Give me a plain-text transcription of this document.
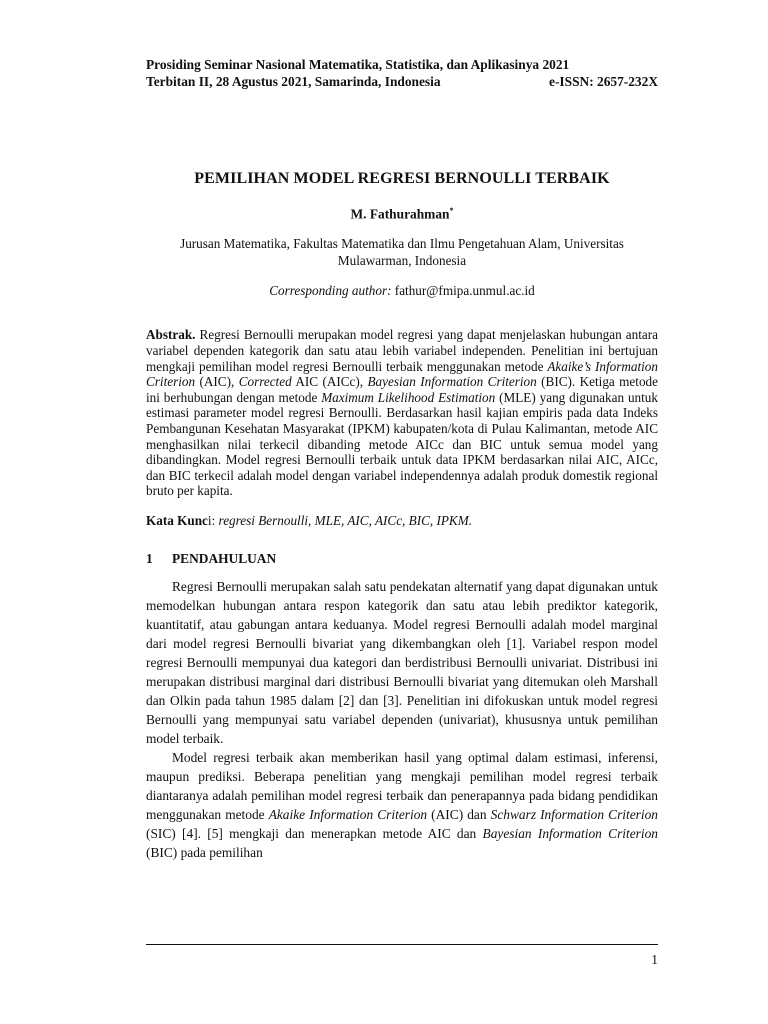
Prosiding Seminar Nasional Matematika, Statistika, dan Aplikasinya 2021
Terbitan II, 28 Agustus 2021, Samarinda, Indonesia	e-ISSN: 2657-232X
PEMILIHAN MODEL REGRESI BERNOULLI TERBAIK
M. Fathurahman*
Jurusan Matematika, Fakultas Matematika dan Ilmu Pengetahuan Alam, Universitas Mulawarman, Indonesia
Corresponding author: fathur@fmipa.unmul.ac.id

Abstrak. Regresi Bernoulli merupakan model regresi yang dapat menjelaskan hubungan antara variabel dependen kategorik dan satu atau lebih variabel independen. Penelitian ini bertujuan mengkaji pemilihan model regresi Bernoulli terbaik menggunakan metode Akaike’s Information Criterion (AIC), Corrected AIC (AICc), Bayesian Information Criterion (BIC). Ketiga metode ini berhubungan dengan metode Maximum Likelihood Estimation (MLE) yang digunakan untuk estimasi parameter model regresi Bernoulli. Berdasarkan hasil kajian empiris pada data Indeks Pembangunan Kesehatan Masyarakat (IPKM) kabupaten/kota di Pulau Kalimantan, metode AIC menghasilkan nilai terkecil dibanding metode AICc dan BIC untuk semua model yang dibandingkan. Model regresi Bernoulli terbaik untuk data IPKM berdasarkan nilai AIC, AICc, dan BIC terkecil adalah model dengan variabel independennya adalah produk domestik regional bruto per kapita.

Kata Kunci: regresi Bernoulli, MLE, AIC, AICc, BIC, IPKM.

1 PENDAHULUAN

Regresi Bernoulli merupakan salah satu pendekatan alternatif yang dapat digunakan untuk memodelkan hubungan antara respon kategorik dan satu atau lebih prediktor kategorik, kuantitatif, atau gabungan antara keduanya. Model regresi Bernoulli adalah model marginal dari model regresi Bernoulli bivariat yang dikembangkan oleh [1]. Variabel respon model regresi Bernoulli mempunyai dua kategori dan berdistribusi Bernoulli univariat. Distribusi ini merupakan distribusi marginal dari distribusi Bernoulli bivariat yang ditemukan oleh Marshall dan Olkin pada tahun 1985 dalam [2] dan [3]. Penelitian ini difokuskan untuk model regresi Bernoulli yang mempunyai satu variabel dependen (univariat), khususnya untuk pemilihan model terbaik.

Model regresi terbaik akan memberikan hasil yang optimal dalam estimasi, inferensi, maupun prediksi. Beberapa penelitian yang mengkaji pemilihan model regresi terbaik diantaranya adalah pemilihan model regresi terbaik dan penerapannya pada bidang pendidikan menggunakan metode Akaike Information Criterion (AIC) dan Schwarz Information Criterion (SIC) [4]. [5] mengkaji dan menerapkan metode AIC dan Bayesian Information Criterion (BIC) pada pemilihan

1
